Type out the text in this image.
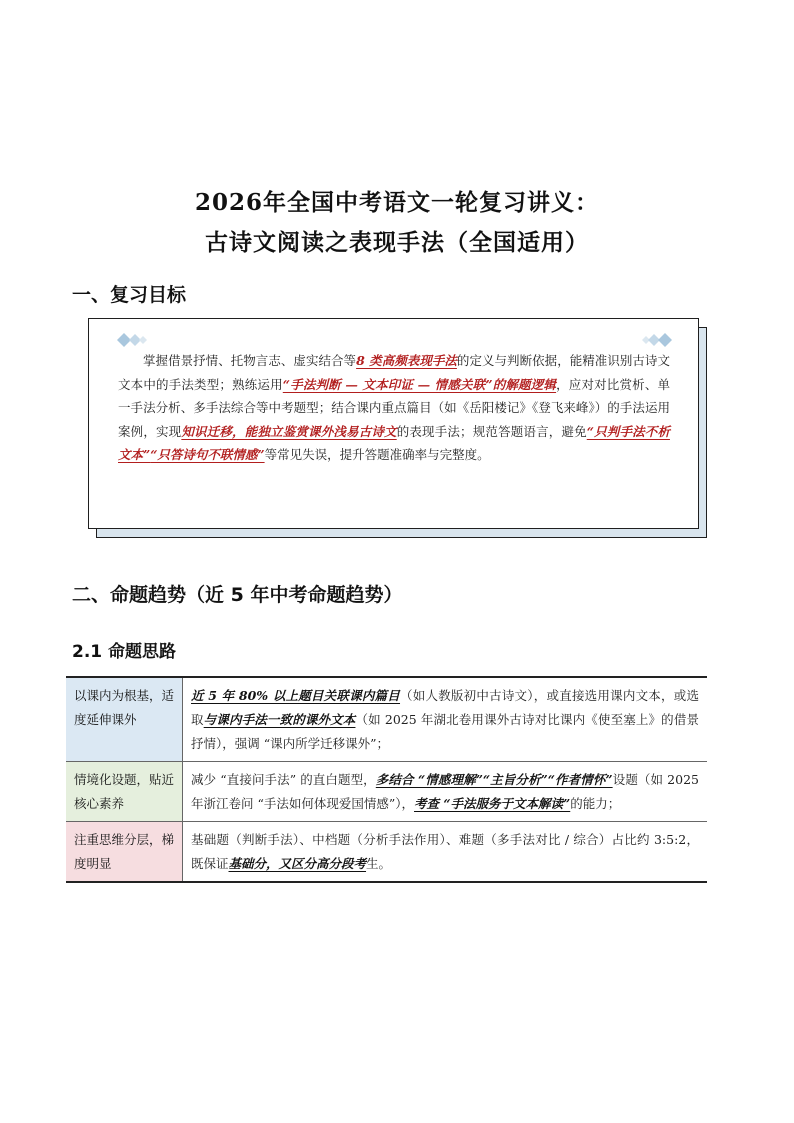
2026年全国中考语文一轮复习讲义：
古诗文阅读之表现手法（全国适用）
一、复习目标
掌握借景抒情、托物言志、虚实结合等8 类高频表现手法的定义与判断依据，能精准识别古诗文文本中的手法类型；熟练运用“手法判断 — 文本印证 — 情感关联”的解题逻辑，应对对比赏析、单一手法分析、多手法综合等中考题型；结合课内重点篇目（如《岳阳楼记》《登飞来峰》）的手法运用案例，实现知识迁移，能独立鉴赏课外浅易古诗文的表现手法；规范答题语言，避免“只判手法不析文本”“只答诗句不联情感”等常见失误，提升答题准确率与完整度。
二、命题趋势（近 5 年中考命题趋势）
2.1 命题思路
以课内为根基，适度延伸课外	近 5 年 80% 以上题目关联课内篇目（如人教版初中古诗文），或直接选用课内文本，或选取与课内手法一致的课外文本（如 2025 年湖北卷用课外古诗对比课内《使至塞上》的借景抒情），强调 “课内所学迁移课外”；
情境化设题，贴近核心素养	减少 “直接问手法” 的直白题型，多结合 “情感理解”“主旨分析”“作者情怀”设题（如 2025 年浙江卷问 “手法如何体现爱国情感”），考查 “手法服务于文本解读”的能力；
注重思维分层，梯度明显	基础题（判断手法）、中档题（分析手法作用）、难题（多手法对比 / 综合）占比约 3:5:2，既保证基础分，又区分高分段考生。
